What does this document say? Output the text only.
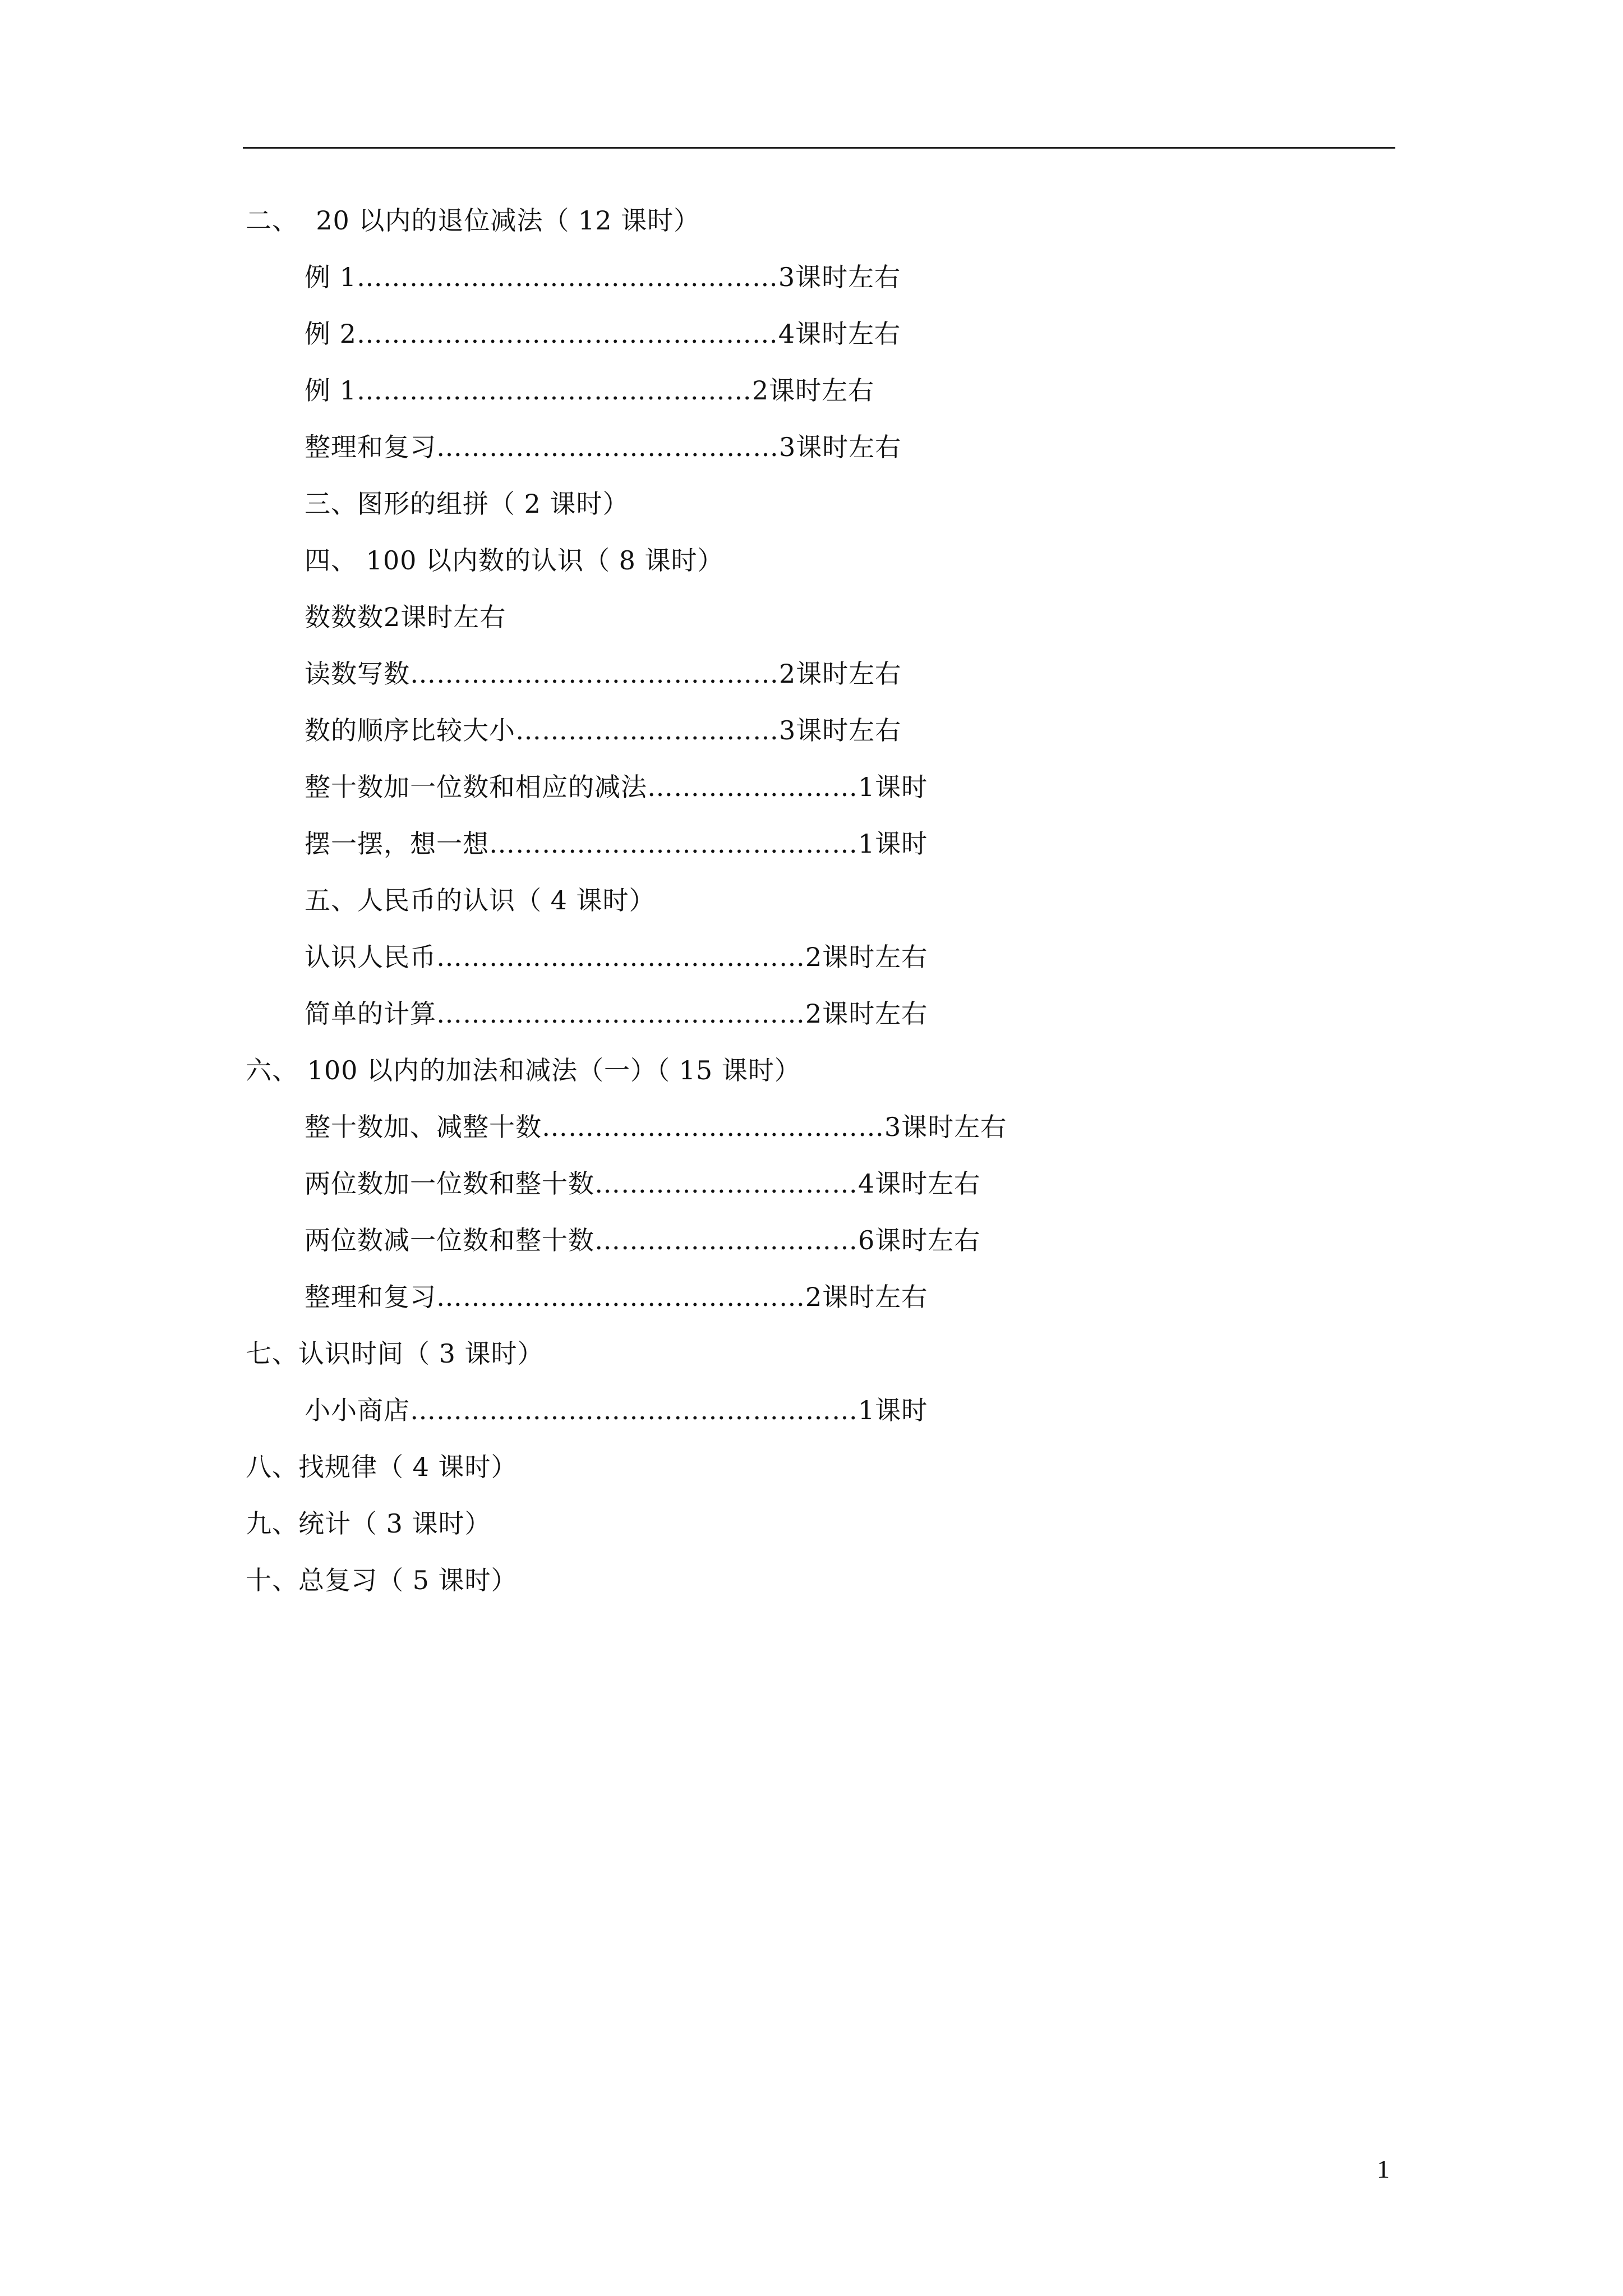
二、  20 以内的退位减法（ 12 课时）
例 1…………………………………………3课时左右
例 2…………………………………………4课时左右
例 1………………………………………2课时左右
整理和复习…………………………………3课时左右
三、图形的组拼（ 2 课时）
四、 100 以内数的认识（ 8 课时）
数数数2课时左右
读数写数……………………………………2课时左右
数的顺序比较大小…………………………3课时左右
整十数加一位数和相应的减法……………………1课时
摆一摆，想一想……………………………………1课时
五、人民币的认识（ 4 课时）
认识人民币……………………………………2课时左右
简单的计算……………………………………2课时左右
六、 100 以内的加法和减法（一）（ 15 课时）
整十数加、减整十数…………………………………3课时左右
两位数加一位数和整十数…………………………4课时左右
两位数减一位数和整十数…………………………6课时左右
整理和复习……………………………………2课时左右
七、认识时间（ 3 课时）
小小商店……………………………………………1课时
八、找规律（ 4 课时）
九、统计（ 3 课时）
十、总复习（ 5 课时）
1
